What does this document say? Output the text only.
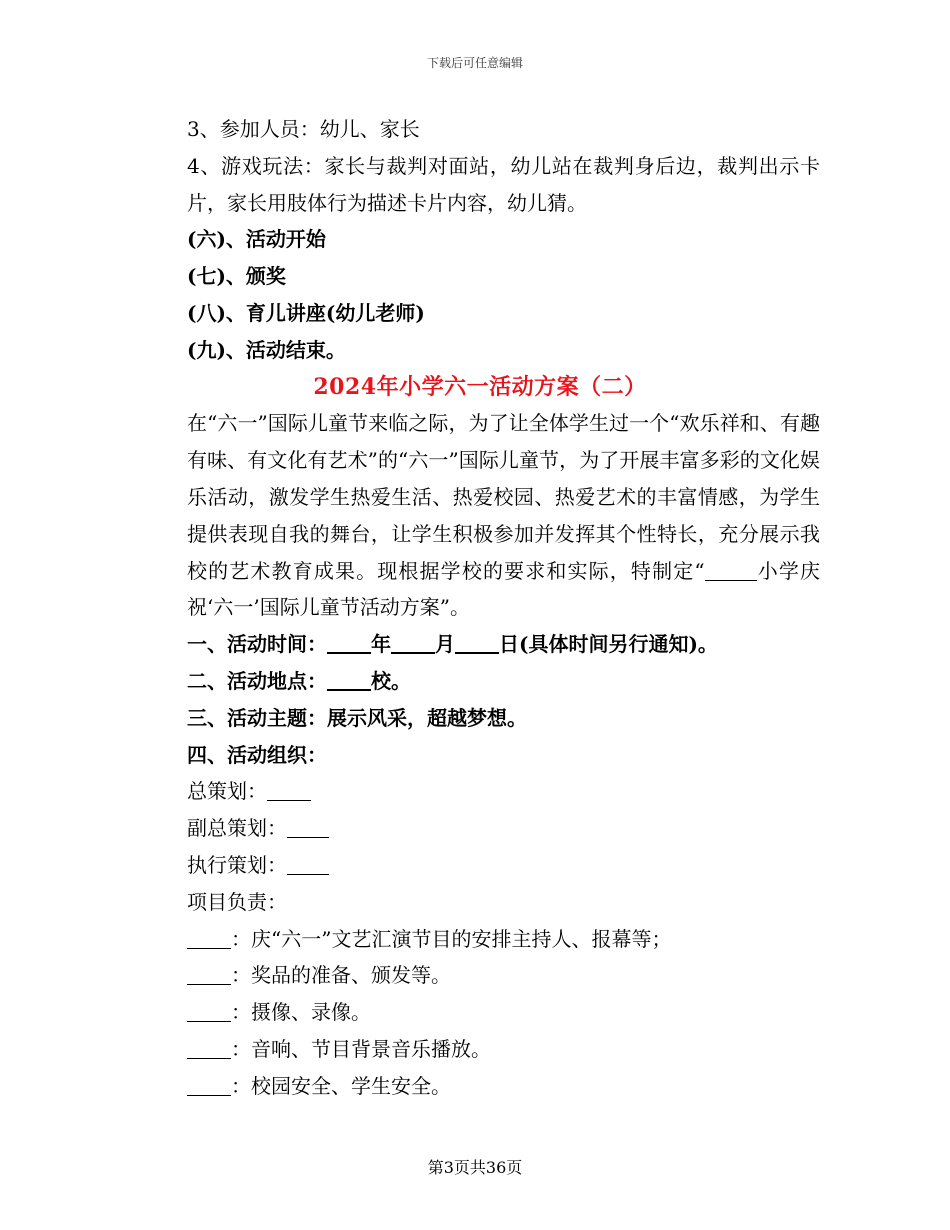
下载后可任意编辑

3、参加人员：幼儿、家长

4、游戏玩法：家长与裁判对面站，幼儿站在裁判身后边，裁判出示卡片，家长用肢体行为描述卡片内容，幼儿猜。

(六)、活动开始

(七)、颁奖

(八)、育儿讲座(幼儿老师)

(九)、活动结束。

2024年小学六一活动方案（二）

在“六一”国际儿童节来临之际，为了让全体学生过一个“欢乐祥和、有趣有味、有文化有艺术”的“六一”国际儿童节，为了开展丰富多彩的文化娱乐活动，激发学生热爱生活、热爱校园、热爱艺术的丰富情感，为学生提供表现自我的舞台，让学生积极参加并发挥其个性特长，充分展示我校的艺术教育成果。现根据学校的要求和实际，特制定“	小学庆祝‘六一’国际儿童节活动方案”。

一、活动时间： 年 月 日(具体时间另行通知)。

二、活动地点： 校。

三、活动主题：展示风采，超越梦想。

四、活动组织：

总策划：

副总策划：

执行策划：

项目负责：

：庆“六一”文艺汇演节目的安排主持人、报幕等；

：奖品的准备、颁发等。

：摄像、录像。

：音响、节目背景音乐播放。

：校园安全、学生安全。

第3页共36页
